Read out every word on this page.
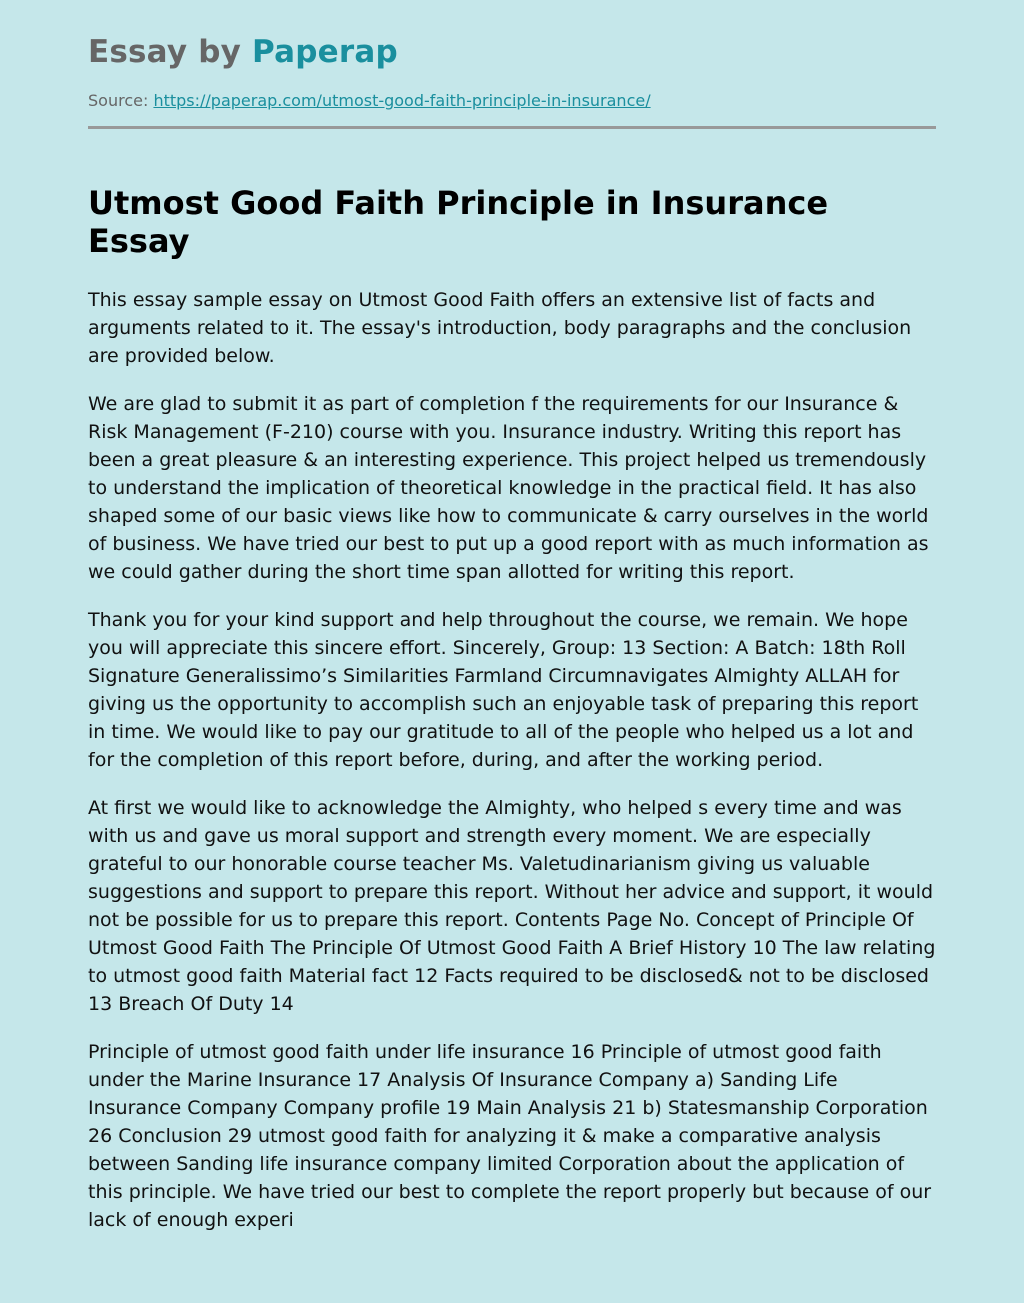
Essay by Paperap
Source: https://paperap.com/utmost-good-faith-principle-in-insurance/
Utmost Good Faith Principle in Insurance Essay

This essay sample essay on Utmost Good Faith offers an extensive list of facts and arguments related to it. The essay's introduction, body paragraphs and the conclusion are provided below.

We are glad to submit it as part of completion f the requirements for our Insurance & Risk Management (F-210) course with you. Insurance industry. Writing this report has been a great pleasure & an interesting experience. This project helped us tremendously to understand the implication of theoretical knowledge in the practical field. It has also shaped some of our basic views like how to communicate & carry ourselves in the world of business. We have tried our best to put up a good report with as much information as we could gather during the short time span allotted for writing this report.

Thank you for your kind support and help throughout the course, we remain. We hope you will appreciate this sincere effort. Sincerely, Group: 13 Section: A Batch: 18th Roll Signature Generalissimo’s Similarities Farmland Circumnavigates Almighty ALLAH for giving us the opportunity to accomplish such an enjoyable task of preparing this report in time. We would like to pay our gratitude to all of the people who helped us a lot and for the completion of this report before, during, and after the working period.

At first we would like to acknowledge the Almighty, who helped s every time and was with us and gave us moral support and strength every moment. We are especially grateful to our honorable course teacher Ms. Valetudinarianism giving us valuable suggestions and support to prepare this report. Without her advice and support, it would not be possible for us to prepare this report. Contents Page No. Concept of Principle Of Utmost Good Faith The Principle Of Utmost Good Faith A Brief History 10 The law relating to utmost good faith Material fact 12 Facts required to be disclosed& not to be disclosed 13 Breach Of Duty 14

Principle of utmost good faith under life insurance 16 Principle of utmost good faith under the Marine Insurance 17 Analysis Of Insurance Company a) Sanding Life Insurance Company Company profile 19 Main Analysis 21 b) Statesmanship Corporation 26 Conclusion 29 utmost good faith for analyzing it & make a comparative analysis between Sanding life insurance company limited Corporation about the application of this principle. We have tried our best to complete the report properly but because of our lack of enough experi
